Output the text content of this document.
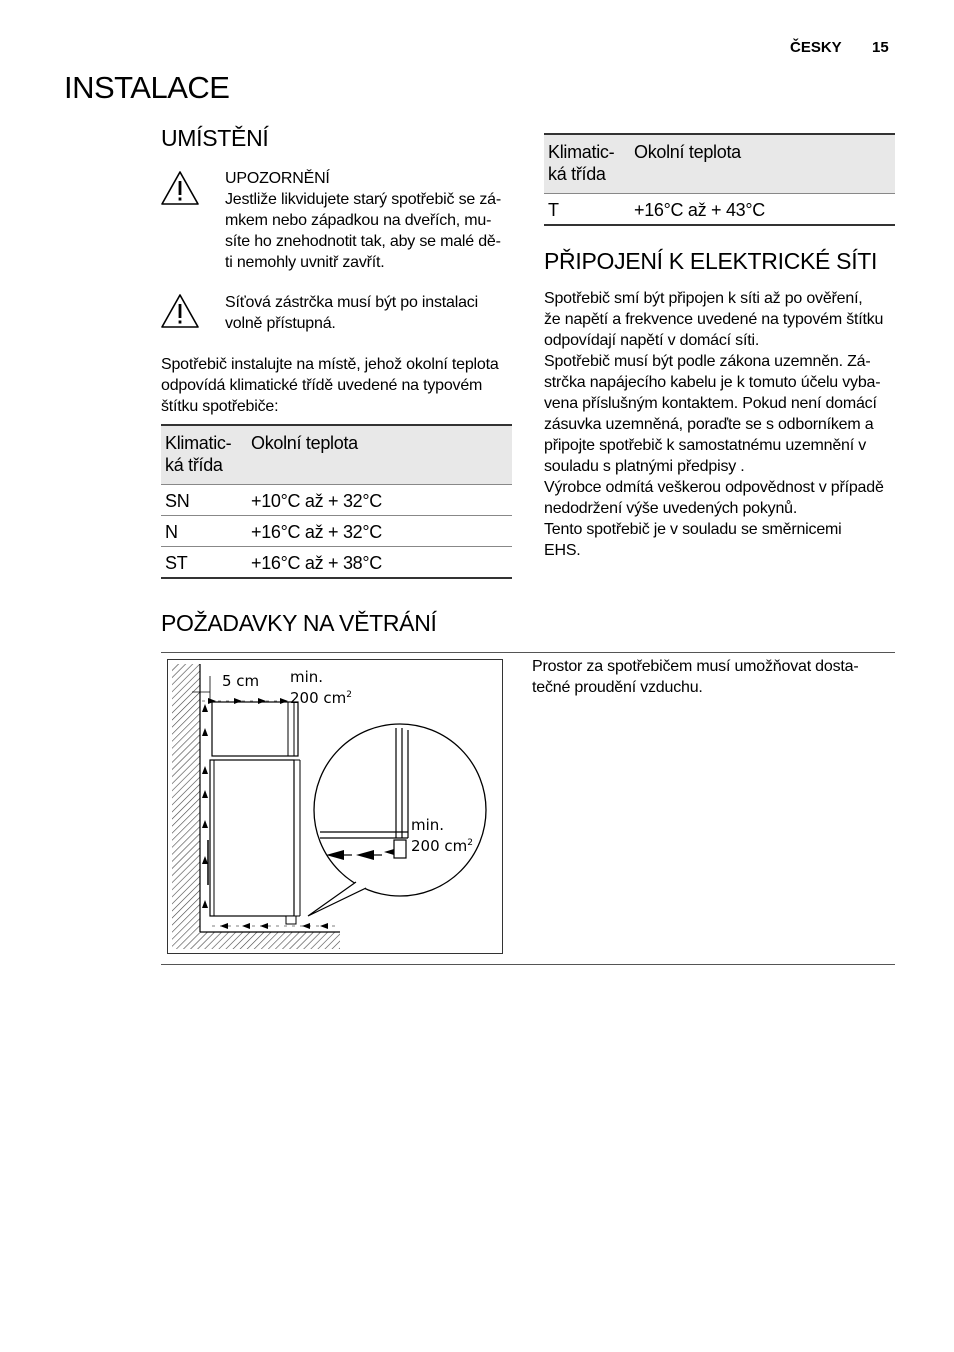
ČESKY 15
INSTALACE
UMÍSTĚNÍ
UPOZORNĚNÍ
Jestliže likvidujete starý spotřebič se zá-
mkem nebo západkou na dveřích, mu-
síte ho znehodnotit tak, aby se malé dě-
ti nemohly uvnitř zavřít.
Síťová zástrčka musí být po instalaci
volně přístupná.
Spotřebič instalujte na místě, jehož okolní teplota
odpovídá klimatické třídě uvedené na typovém
štítku spotřebiče:
Klimatic-
ká třída	Okolní teplota
SN	+10°C až + 32°C
N	+16°C až + 32°C
ST	+16°C až + 38°C
Klimatic-
ká třída	Okolní teplota
T	+16°C až + 43°C
PŘIPOJENÍ K ELEKTRICKÉ SÍTI
Spotřebič smí být připojen k síti až po ověření,
že napětí a frekvence uvedené na typovém štítku
odpovídají napětí v domácí síti.
Spotřebič musí být podle zákona uzemněn. Zá-
strčka napájecího kabelu je k tomuto účelu vyba-
vena příslušným kontaktem. Pokud není domácí
zásuvka uzemněná, poraďte se s odborníkem a
připojte spotřebič k samostatnému uzemnění v
souladu s platnými předpisy .
Výrobce odmítá veškerou odpovědnost v případě
nedodržení výše uvedených pokynů.
Tento spotřebič je v souladu se směrnicemi
EHS.
POŽADAVKY NA VĚTRÁNÍ
Prostor za spotřebičem musí umožňovat dosta-
tečné proudění vzduchu.
5 cm min.
200 $cm^2$
min.
200 $cm^2$
